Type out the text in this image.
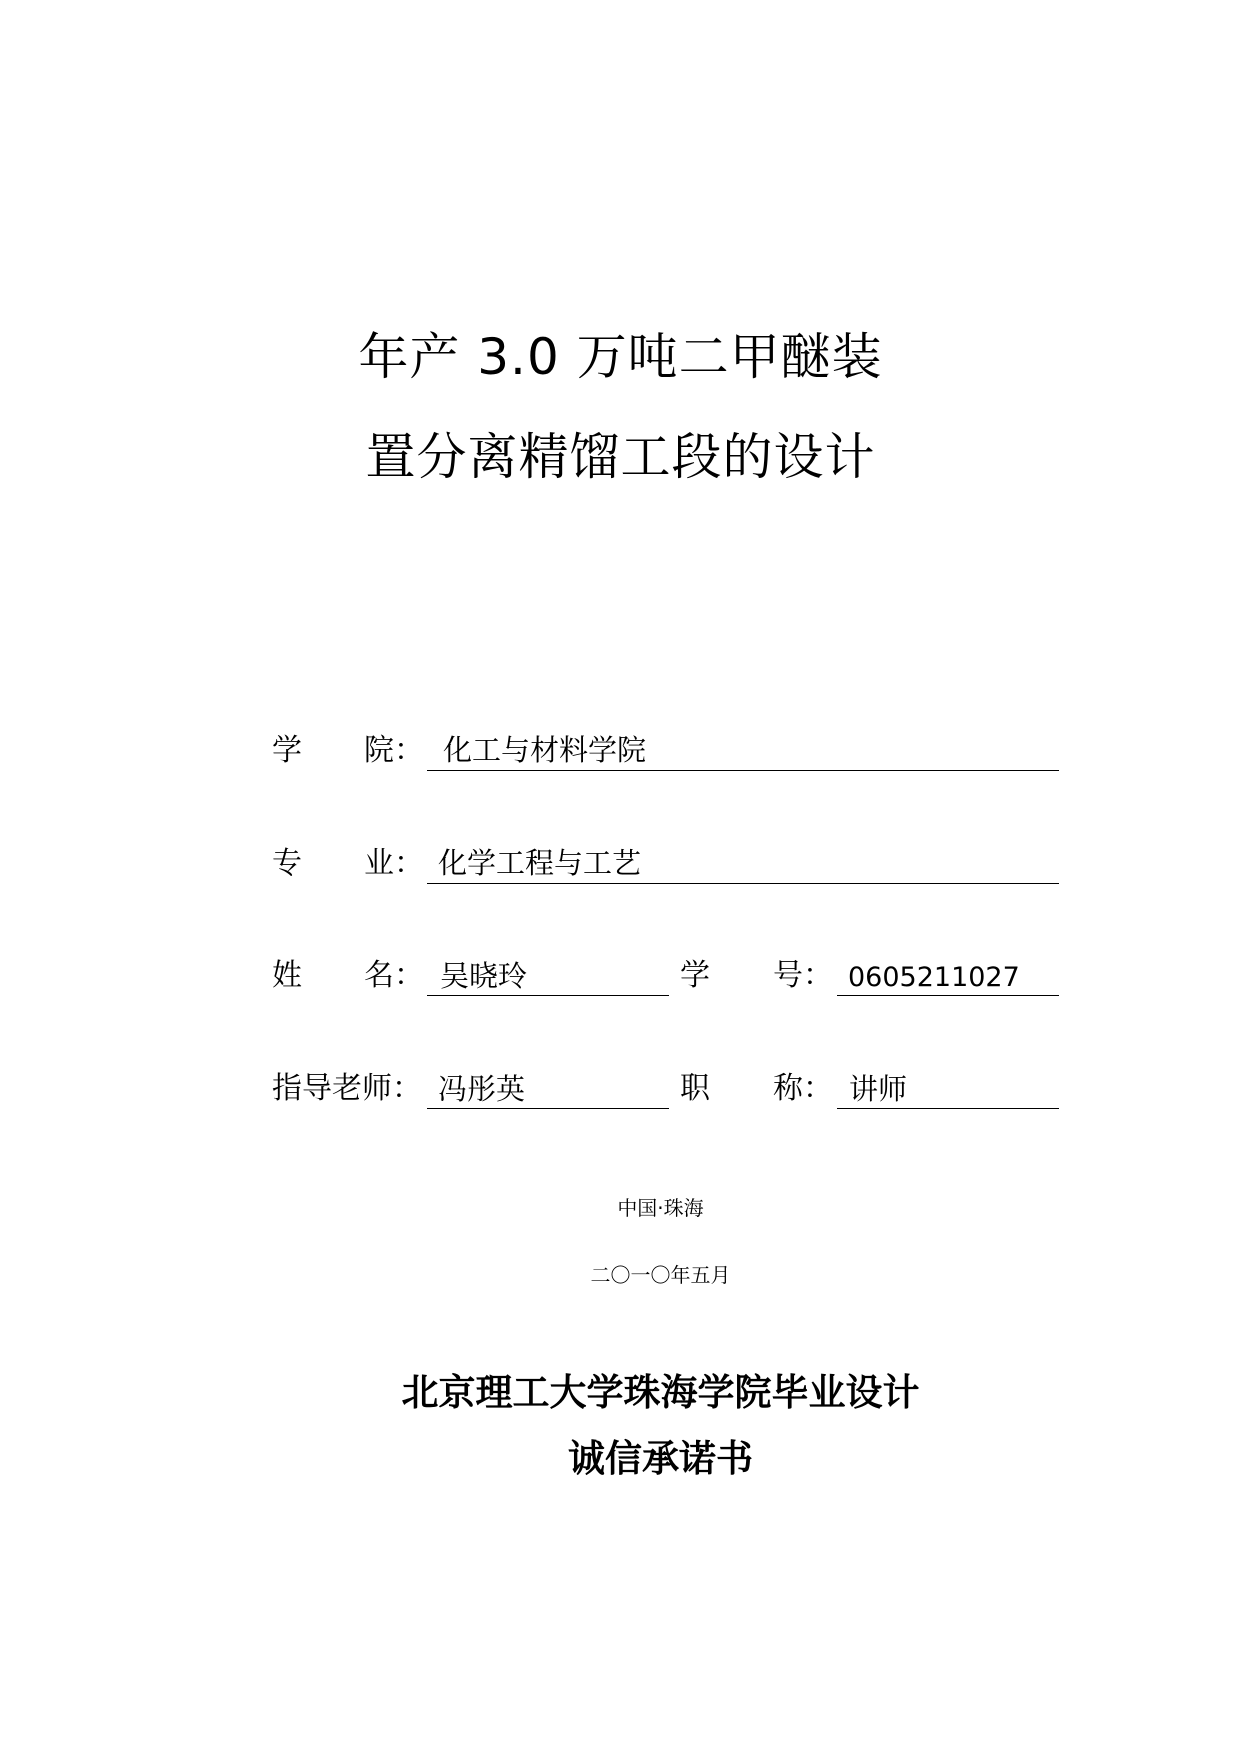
年产 3.0 万吨二甲醚装
置分离精馏工段的设计
学 院： 化工与材料学院
专 业： 化学工程与工艺
姓 名： 吴晓玲	学 号： 0605211027
指导老师： 冯彤英	职 称： 讲师
中国·珠海
二〇一〇年五月
北京理工大学珠海学院毕业设计
诚信承诺书
